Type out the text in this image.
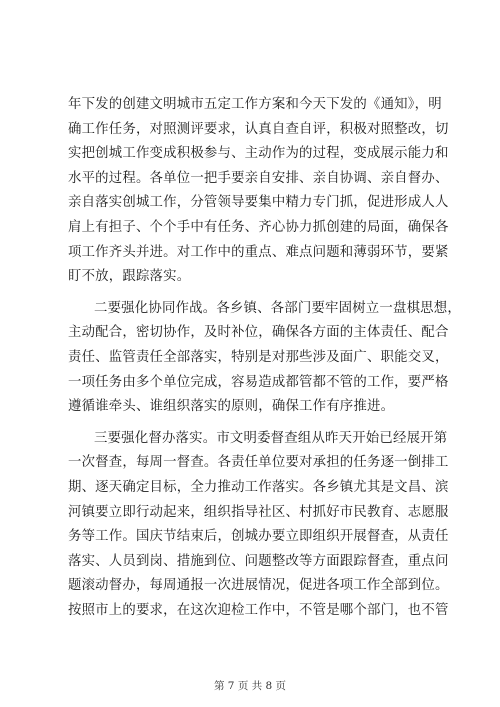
年下发的创建文明城市五定工作方案和今天下发的《通知》，明
确工作任务，对照测评要求，认真自查自评，积极对照整改，切
实把创城工作变成积极参与、主动作为的过程，变成展示能力和
水平的过程。各单位一把手要亲自安排、亲自协调、亲自督办、
亲自落实创城工作，分管领导要集中精力专门抓，促进形成人人
肩上有担子、个个手中有任务、齐心协力抓创建的局面，确保各
项工作齐头并进。对工作中的重点、难点问题和薄弱环节，要紧
盯不放，跟踪落实。
二要强化协同作战。各乡镇、各部门要牢固树立一盘棋思想，
主动配合，密切协作，及时补位，确保各方面的主体责任、配合
责任、监管责任全部落实，特别是对那些涉及面广、职能交叉，
一项任务由多个单位完成，容易造成都管都不管的工作，要严格
遵循谁牵头、谁组织落实的原则，确保工作有序推进。
三要强化督办落实。市文明委督查组从昨天开始已经展开第
一次督查，每周一督查。各责任单位要对承担的任务逐一倒排工
期、逐天确定目标，全力推动工作落实。各乡镇尤其是文昌、滨
河镇要立即行动起来，组织指导社区、村抓好市民教育、志愿服
务等工作。国庆节结束后，创城办要立即组织开展督查，从责任
落实、人员到岗、措施到位、问题整改等方面跟踪督查，重点问
题滚动督办，每周通报一次进展情况，促进各项工作全部到位。
按照市上的要求，在这次迎检工作中，不管是哪个部门，也不管
第 7 页 共 8 页
